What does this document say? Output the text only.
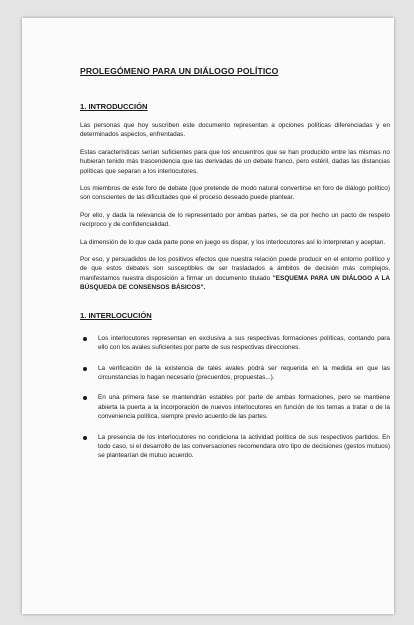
PROLEGÓMENO PARA UN DIÁLOGO POLÍTICO
1. INTRODUCCIÓN

Las personas que hoy suscriben este documento representan a opciones políticas diferenciadas y en determinados aspectos, enfrentadas.

Estas características serían suficientes para que los encuentros que se han producido entre las mismas no hubieran tenido más trascendencia que las derivadas de un debate franco, pero estéril, dadas las distancias políticas que separan a los interlocutores.

Los miembros de este foro de debate (que pretende de modo natural convertirse en foro de diálogo político) son conscientes de las dificultades que el proceso deseado puede plantear.

Por ello, y dada la relevancia de lo representado por ambas partes, se da por hecho un pacto de respeto recíproco y de confidencialidad.

La dimensión de lo que cada parte pone en juego es dispar, y los interlocutores así lo interpretan y aceptan.

Por eso, y persuadidos de los positivos efectos que nuestra relación puede producir en el entorno político y de que estos debates son susceptibles de ser trasladados a ámbitos de decisión más complejos, manifestamos nuestra disposición a firmar un documento titulado "ESQUEMA PARA UN DIÁLOGO A LA BÚSQUEDA DE CONSENSOS BÁSICOS".

1. INTERLOCUCIÓN
Los interlocutores representan en exclusiva a sus respectivas formaciones políticas, contando para ello con los avales suficientes por parte de sus respectivas direcciones.
La verificación de la existencia de tales avales podrá ser requerida en la medida en que las circunstancias lo hagan necesario (precuerdos, propuestas...).
En una primera fase se mantendrán estables por parte de ambas formaciones, pero se mantiene abierta la puerta a la incorporación de nuevos interlocutores en función de los temas a tratar o de la conveniencia política, siempre previo acuerdo de las partes.
La presencia de los interlocutores no condiciona la actividad política de sus respectivos partidos. En todo caso, si el desarrollo de las conversaciones recomendara otro tipo de decisiones (gestos mutuos) se plantearían de mutuo acuerdo.
